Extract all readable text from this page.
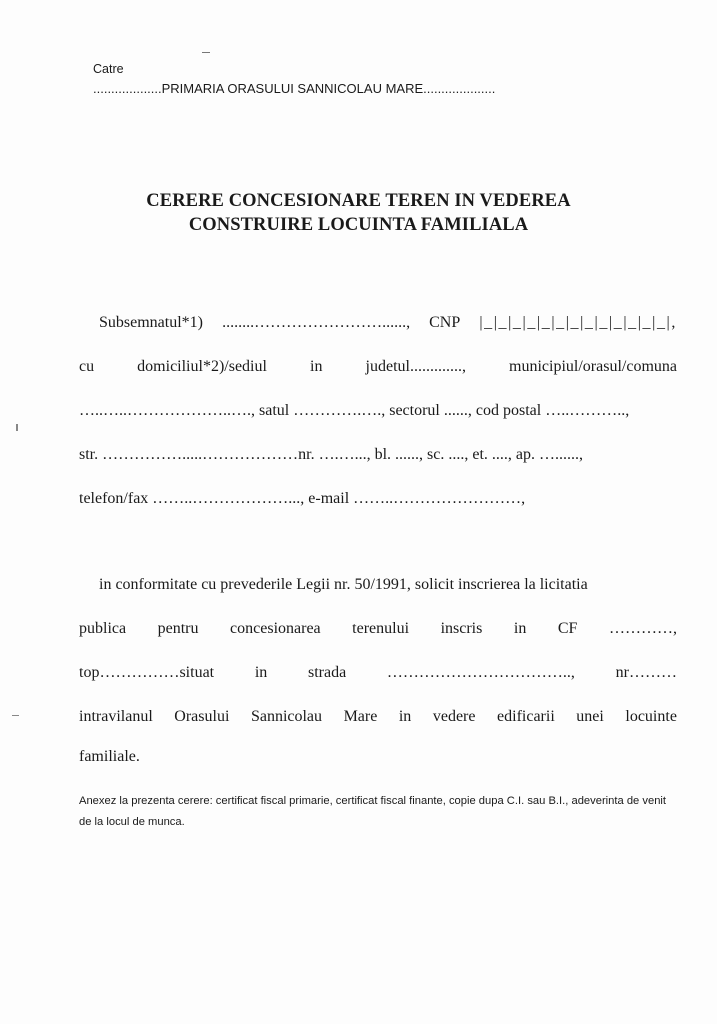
Catre
...................PRIMARIA ORASULUI SANNICOLAU MARE....................
CERERE CONCESIONARE TEREN IN VEDEREA
CONSTRUIRE LOCUINTA FAMILIALA
Subsemnatul*1) ........……………………......, CNP |_|_|_|_|_|_|_|_|_|_|_|_|_|,
cu	domiciliul*2)/sediul	in	judetul.............,	municipiul/orasul/comuna
…..…..………………..…., satul ………….…., sectorul ......, cod postal …..………..,
str. …………….....………………nr. ….…..., bl. ......, sc. ...., et. ...., ap. …......,
telefon/fax ……..………………..., e-mail ……..……………………,
in conformitate cu prevederile Legii nr. 50/1991, solicit inscrierea la licitatia
publica pentru concesionarea terenului inscris in CF …………,
top……………situat	in	strada	……………………………..,	nr………
intravilanul Orasului Sannicolau Mare in vedere edificarii unei locuinte
familiale.
Anexez la prezenta cerere: certificat fiscal primarie, certificat fiscal finante, copie dupa C.I. sau B.I., adeverinta de venit de la locul de munca.
